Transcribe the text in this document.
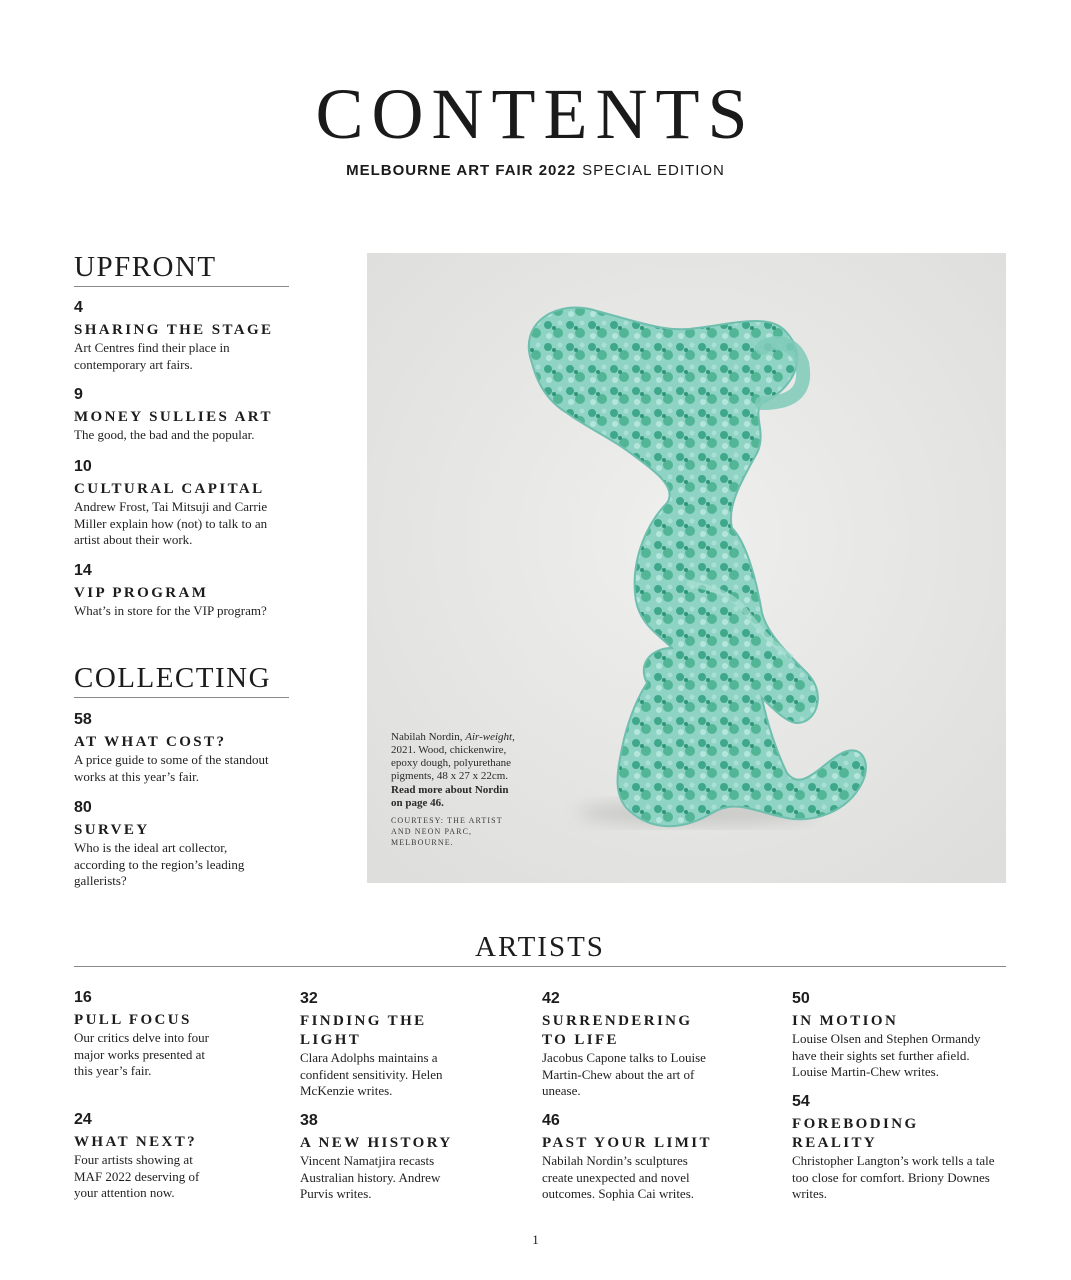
CONTENTS
MELBOURNE ART FAIR 2022 SPECIAL EDITION
UPFRONT
4
SHARING THE STAGE
Art Centres find their place in contemporary art fairs.
9
MONEY SULLIES ART
The good, the bad and the popular.
10
CULTURAL CAPITAL
Andrew Frost, Tai Mitsuji and Carrie Miller explain how (not) to talk to an artist about their work.
14
VIP PROGRAM
What’s in store for the VIP program?
COLLECTING
58
AT WHAT COST?
A price guide to some of the standout works at this year’s fair.
80
SURVEY
Who is the ideal art collector, according to the region’s leading gallerists?
Nabilah Nordin, Air-weight, 2021. Wood, chickenwire, epoxy dough, polyurethane pigments, 48 x 27 x 22cm.
Read more about Nordin on page 46.
COURTESY: THE ARTIST AND NEON PARC, MELBOURNE.
ARTISTS
16
PULL FOCUS
Our critics delve into four major works presented at this year’s fair.
24
WHAT NEXT?
Four artists showing at MAF 2022 deserving of your attention now.
32
FINDING THE LIGHT
Clara Adolphs maintains a confident sensitivity. Helen McKenzie writes.
38
A NEW HISTORY
Vincent Namatjira recasts Australian history. Andrew Purvis writes.
42
SURRENDERING TO LIFE
Jacobus Capone talks to Louise Martin-Chew about the art of unease.
46
PAST YOUR LIMIT
Nabilah Nordin’s sculptures create unexpected and novel outcomes. Sophia Cai writes.
50
IN MOTION
Louise Olsen and Stephen Ormandy have their sights set further afield. Louise Martin-Chew writes.
54
FOREBODING REALITY
Christopher Langton’s work tells a tale too close for comfort. Briony Downes writes.
1
